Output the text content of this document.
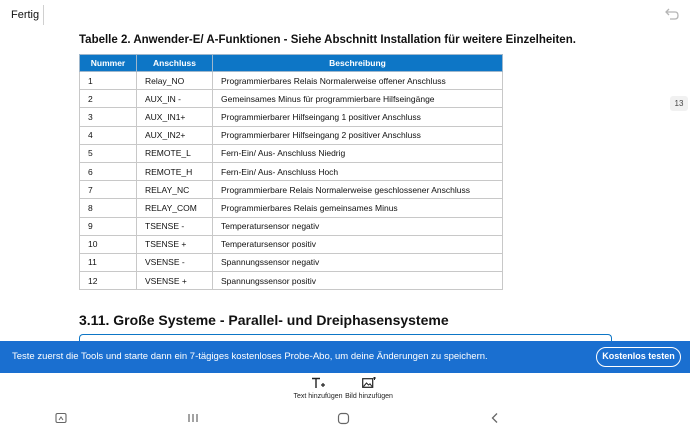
Fertig
Tabelle 2. Anwender-E/ A-Funktionen - Siehe Abschnitt Installation für weitere Einzelheiten.
Nummer	Anschluss	Beschreibung
1	Relay_NO	Programmierbares Relais Normalerweise offener Anschluss
2	AUX_IN -	Gemeinsames Minus für programmierbare Hilfseingänge
3	AUX_IN1+	Programmierbarer Hilfseingang 1 positiver Anschluss
4	AUX_IN2+	Programmierbarer Hilfseingang 2 positiver Anschluss
5	REMOTE_L	Fern-Ein/ Aus- Anschluss Niedrig
6	REMOTE_H	Fern-Ein/ Aus- Anschluss Hoch
7	RELAY_NC	Programmierbare Relais Normalerweise geschlossener Anschluss
8	RELAY_COM	Programmierbares Relais gemeinsames Minus
9	TSENSE -	Temperatursensor negativ
10	TSENSE +	Temperatursensor positiv
11	VSENSE -	Spannungssensor negativ
12	VSENSE +	Spannungssensor positiv
3.11. Große Systeme - Parallel- und Dreiphasensysteme
13
Teste zuerst die Tools und starte dann ein 7-tägiges kostenloses Probe-Abo, um deine Änderungen zu speichern.	Kostenlos testen
Text hinzufügen Bild hinzufügen
